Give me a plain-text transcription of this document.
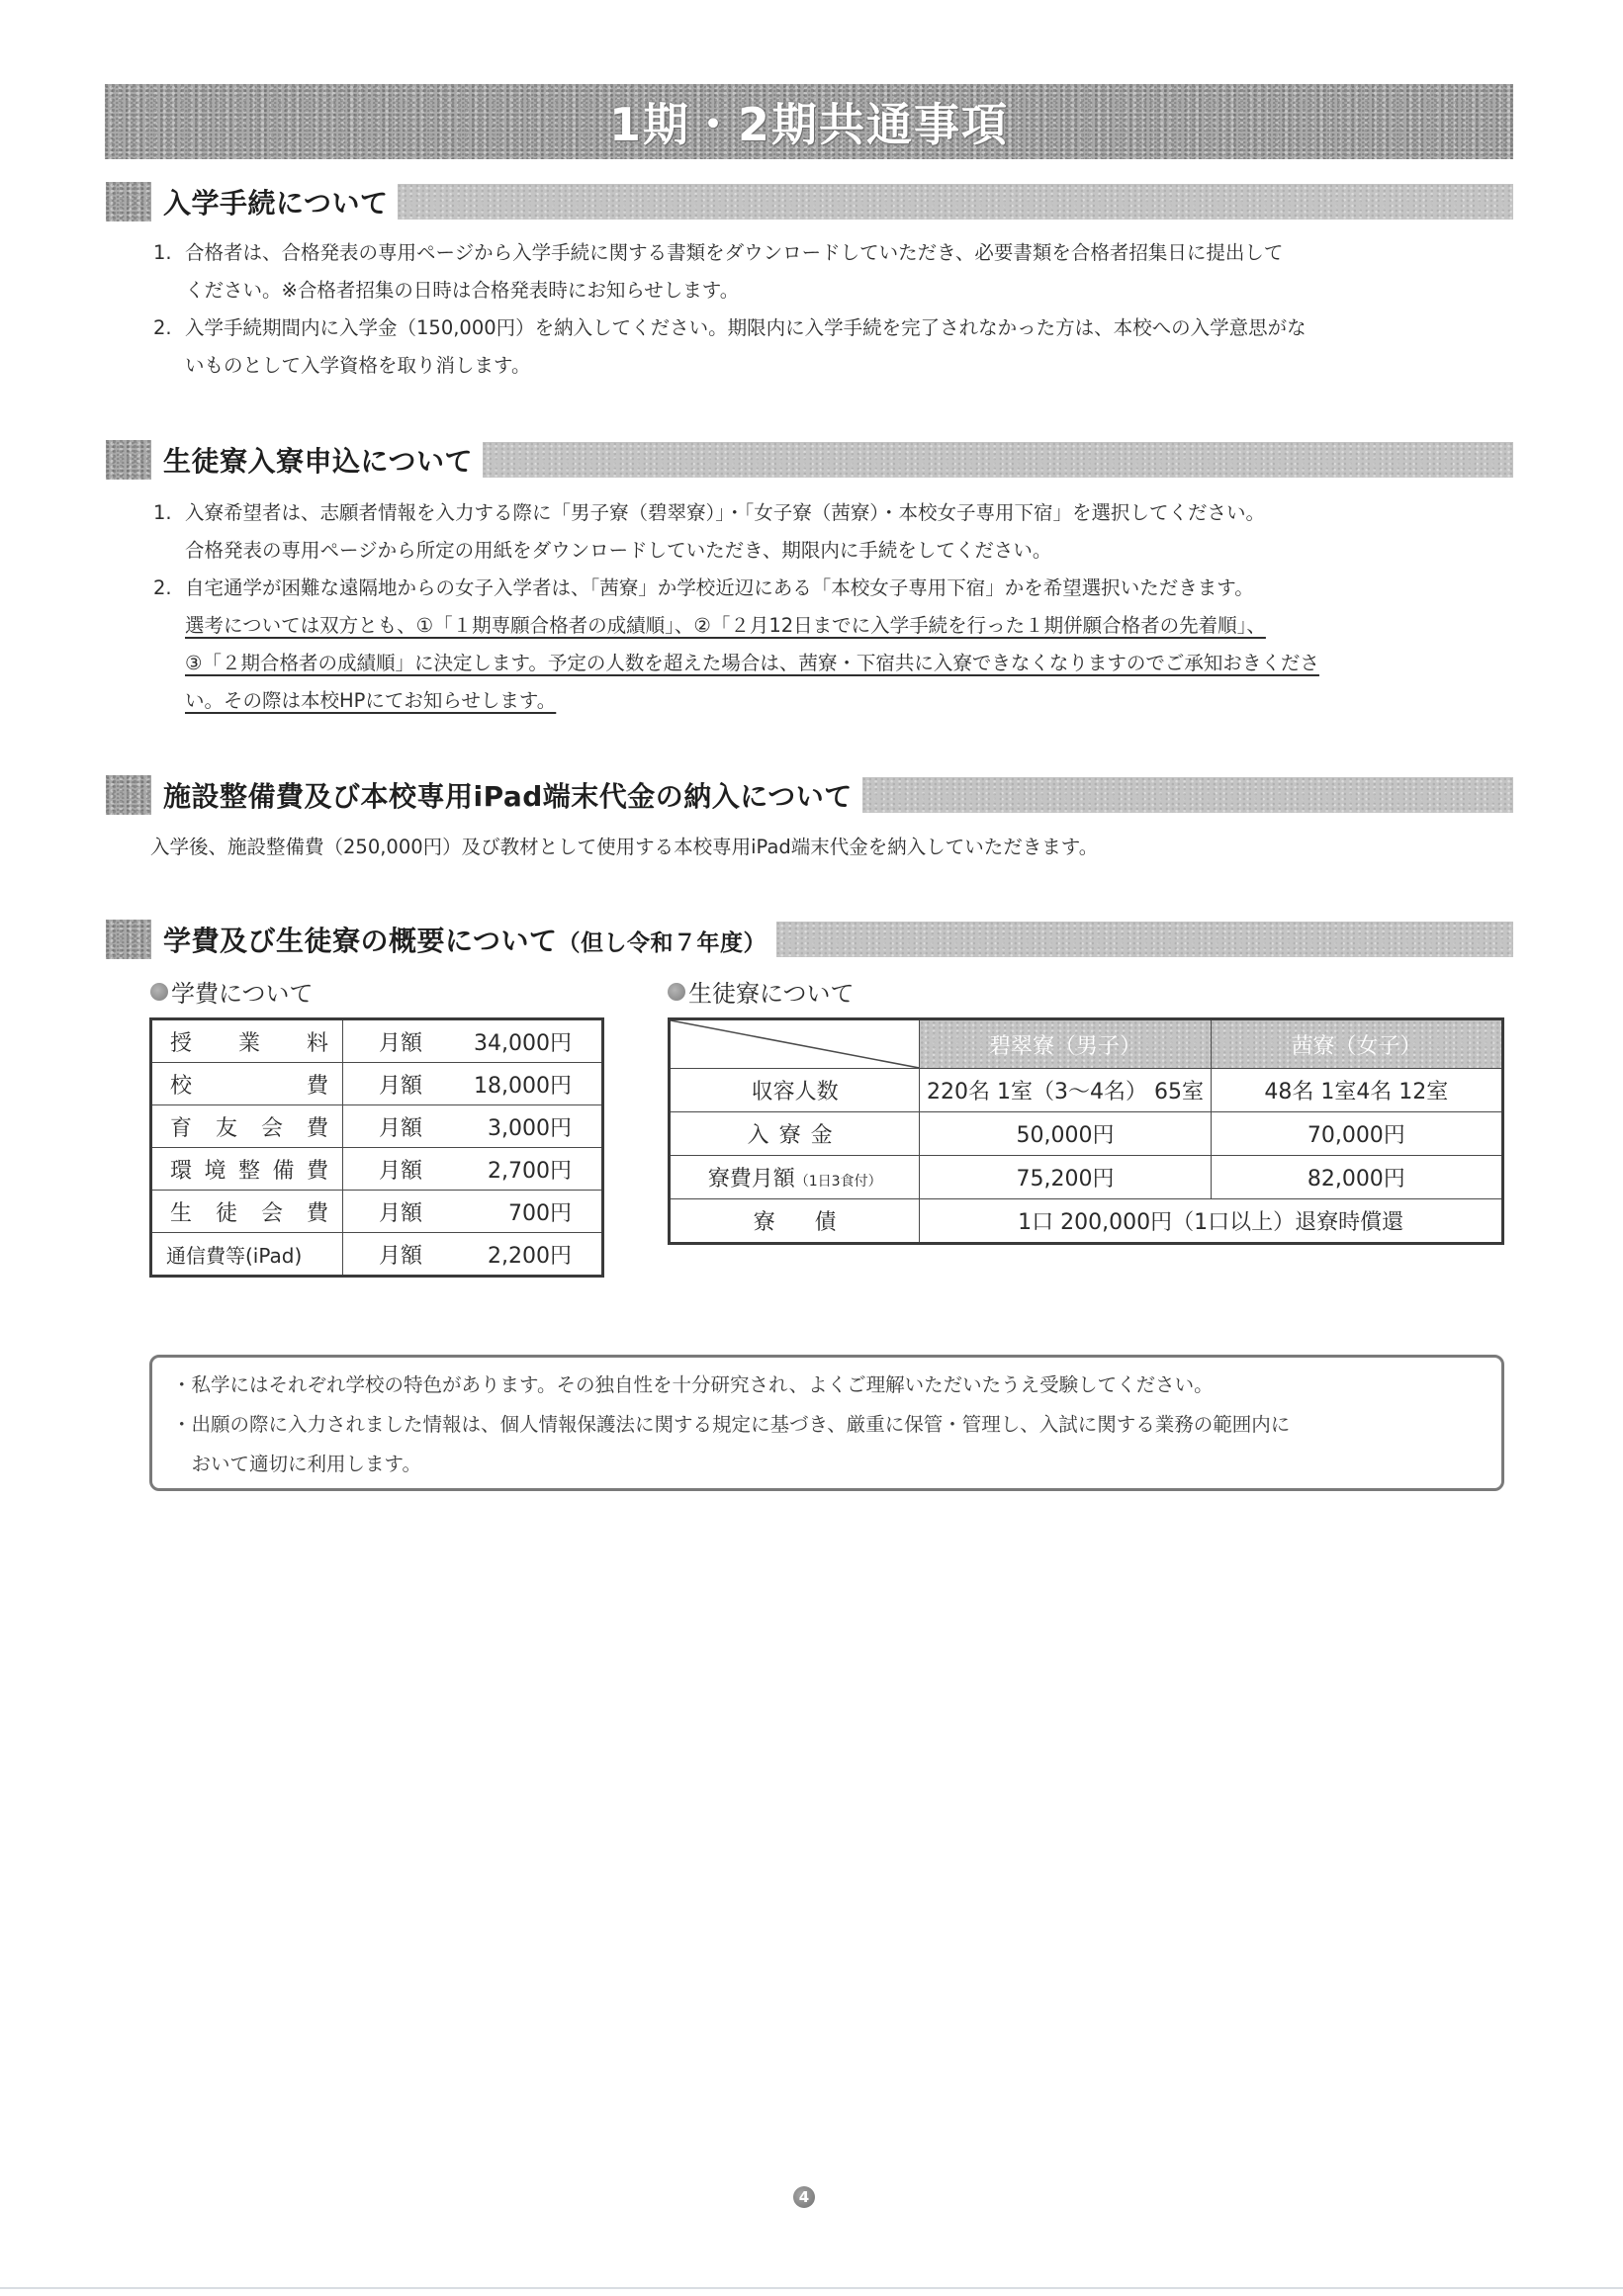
1期・2期共通事項
入学手続について
1. 合格者は、合格発表の専用ページから入学手続に関する書類をダウンロードしていただき、必要書類を合格者招集日に提出して
ください。※合格者招集の日時は合格発表時にお知らせします。
2. 入学手続期間内に入学金（150,000円）を納入してください。期限内に入学手続を完了されなかった方は、本校への入学意思がな
いものとして入学資格を取り消します。
生徒寮入寮申込について
1. 入寮希望者は、志願者情報を入力する際に「男子寮（碧翠寮）」・「女子寮（茜寮）・本校女子専用下宿」を選択してください。
合格発表の専用ページから所定の用紙をダウンロードしていただき、期限内に手続をしてください。
2. 自宅通学が困難な遠隔地からの女子入学者は、「茜寮」か学校近辺にある「本校女子専用下宿」かを希望選択いただきます。
選考については双方とも、①「１期専願合格者の成績順」、②「２月12日までに入学手続を行った１期併願合格者の先着順」、
③「２期合格者の成績順」に決定します。予定の人数を超えた場合は、茜寮・下宿共に入寮できなくなりますのでご承知おきくださ
い。その際は本校HPにてお知らせします。
施設整備費及び本校専用iPad端末代金の納入について
入学後、施設整備費（250,000円）及び教材として使用する本校専用iPad端末代金を納入していただきます。
学費及び生徒寮の概要について（但し令和７年度）
学費について	生徒寮について
授業料	月額	34,000円
校費	月額	18,000円
育友会費	月額	3,000円
環境整備費	月額	2,700円
生徒会費	月額	700円
通信費等(iPad)	月額	2,200円
	碧翠寮（男子）	茜寮（女子）
収容人数	220名 1室（3〜4名） 65室	48名 1室4名 12室
入寮金	50,000円	70,000円
寮費月額（1日3食付）	75,200円	82,000円
寮債	1口 200,000円（1口以上）退寮時償還	
・私学にはそれぞれ学校の特色があります。その独自性を十分研究され、よくご理解いただいたうえ受験してください。
・出願の際に入力されました情報は、個人情報保護法に関する規定に基づき、厳重に保管・管理し、入試に関する業務の範囲内に
　おいて適切に利用します。
4
